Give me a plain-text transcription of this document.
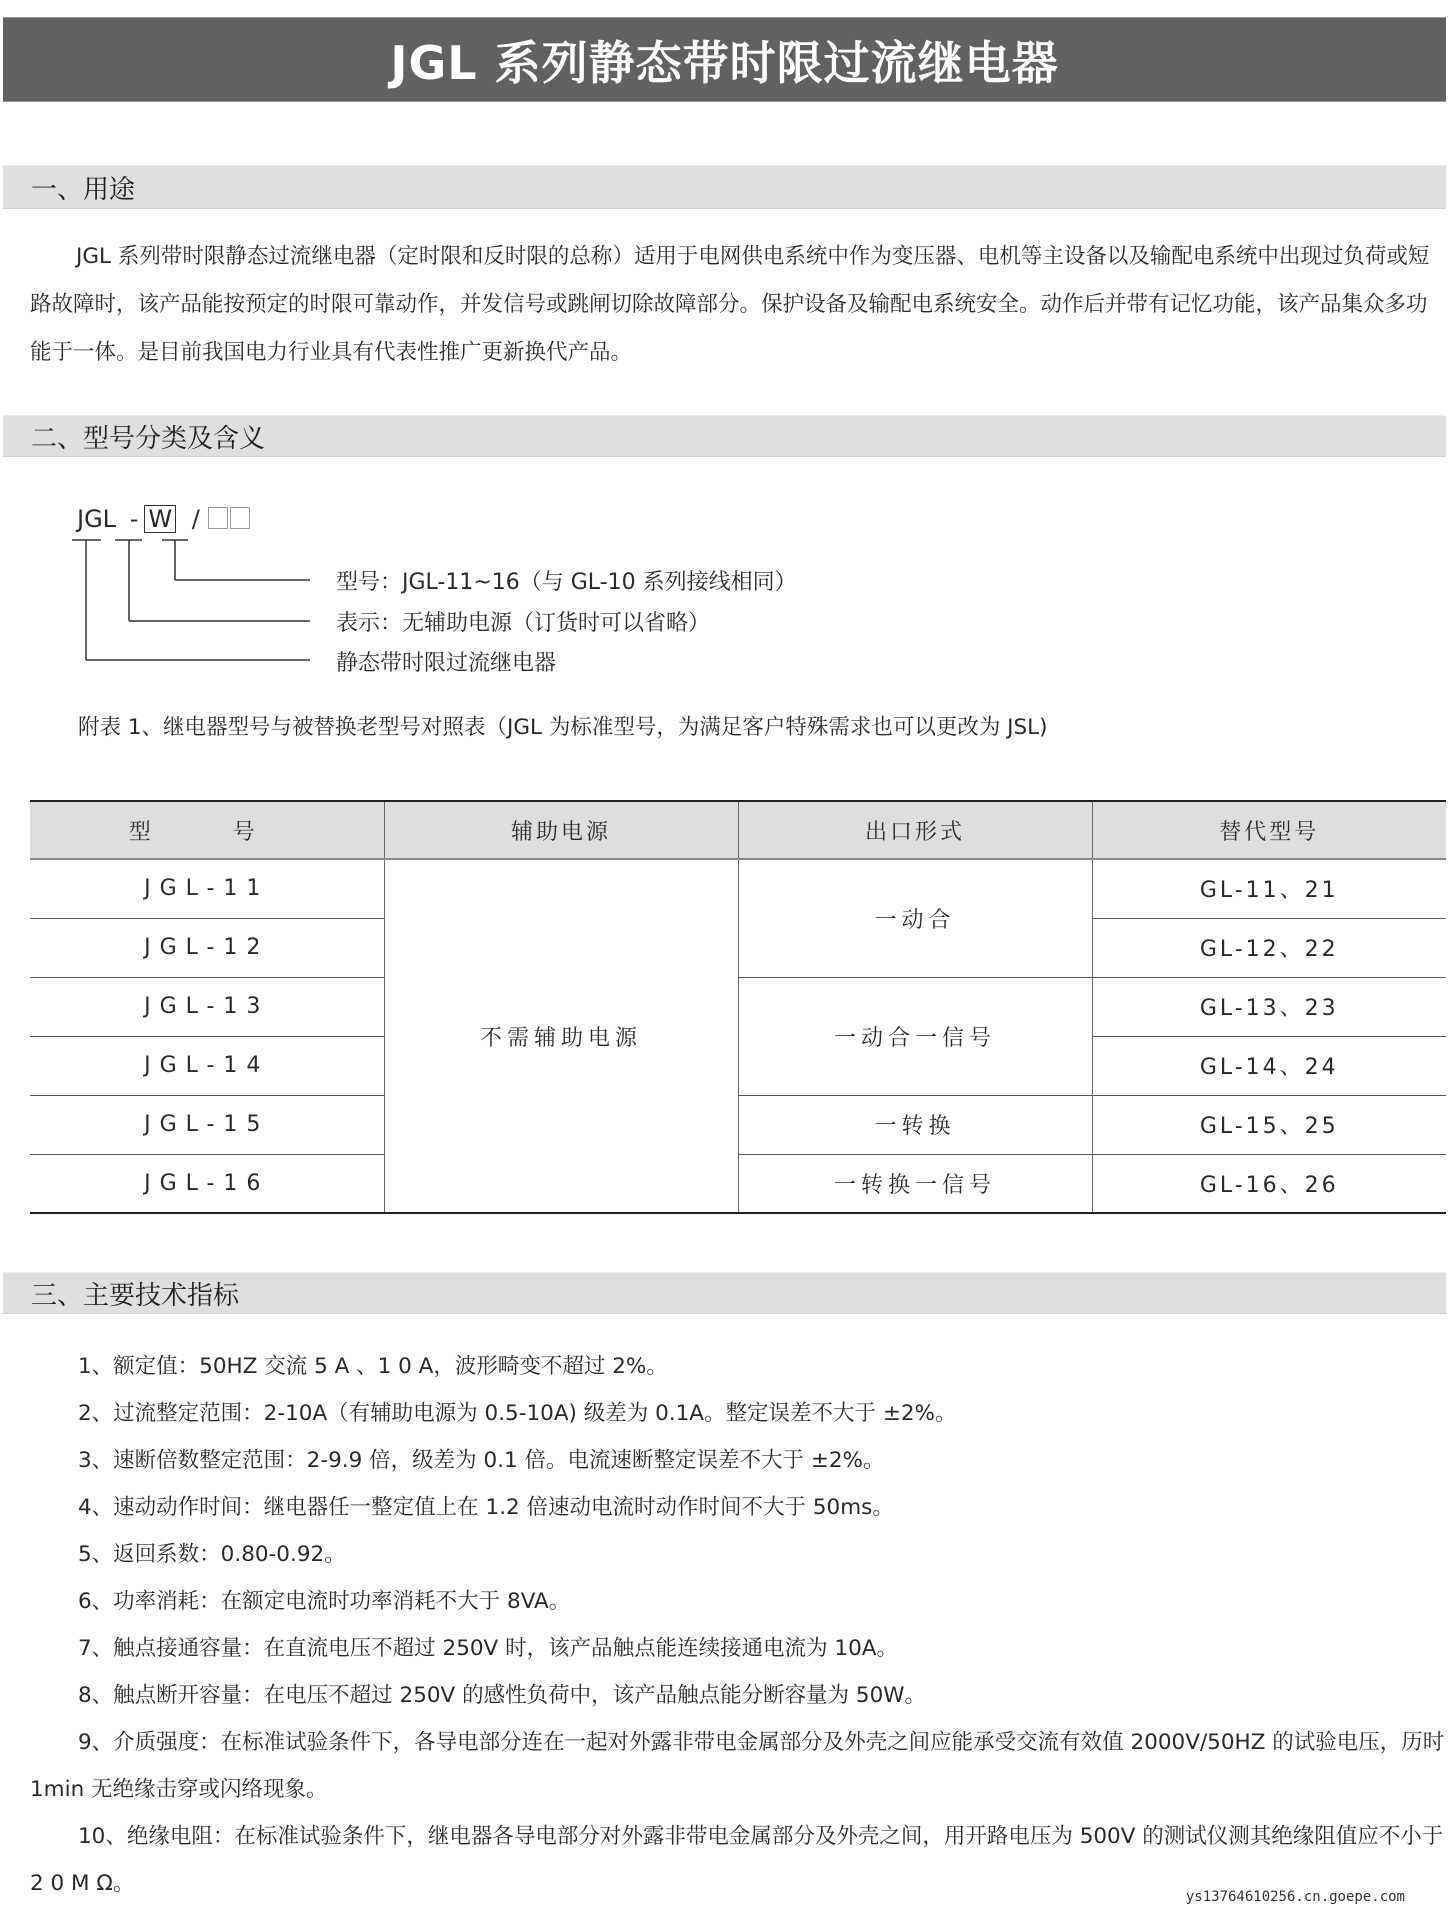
JGL 系列静态带时限过流继电器
一、用途
JGL 系列带时限静态过流继电器（定时限和反时限的总称）适用于电网供电系统中作为变压器、电机等主设备以及输配电系统中出现过负荷或短路故障时，该产品能按预定的时限可靠动作，并发信号或跳闸切除故障部分。保护设备及输配电系统安全。动作后并带有记忆功能，该产品集众多功能于一体。是目前我国电力行业具有代表性推广更新换代产品。
二、型号分类及含义
JGL - W /
型号：JGL-11~16（与 GL-10 系列接线相同）
表示：无辅助电源（订货时可以省略）
静态带时限过流继电器
附表 1、继电器型号与被替换老型号对照表（JGL 为标准型号，为满足客户特殊需求也可以更改为 JSL)
型　号	辅助电源	出口形式	替代型号
JGL-11	不需辅助电源	一动合	GL-11、21
JGL-12			GL-12、22
JGL-13		一动合一信号	GL-13、23
JGL-14			GL-14、24
JGL-15		一转换	GL-15、25
JGL-16		一转换一信号	GL-16、26
三、主要技术指标
1、额定值：50HZ 交流 5 A 、1 0 A，波形畸变不超过 2%。
2、过流整定范围：2-10A（有辅助电源为 0.5-10A) 级差为 0.1A。整定误差不大于 ±2%。
3、速断倍数整定范围：2-9.9 倍，级差为 0.1 倍。电流速断整定误差不大于 ±2%。
4、速动动作时间：继电器任一整定值上在 1.2 倍速动电流时动作时间不大于 50ms。
5、返回系数：0.80-0.92。
6、功率消耗：在额定电流时功率消耗不大于 8VA。
7、触点接通容量：在直流电压不超过 250V 时，该产品触点能连续接通电流为 10A。
8、触点断开容量：在电压不超过 250V 的感性负荷中，该产品触点能分断容量为 50W。
9、介质强度：在标准试验条件下，各导电部分连在一起对外露非带电金属部分及外壳之间应能承受交流有效值 2000V/50HZ 的试验电压，历时 1min 无绝缘击穿或闪络现象。
10、绝缘电阻：在标准试验条件下，继电器各导电部分对外露非带电金属部分及外壳之间，用开路电压为 500V 的测试仪测其绝缘阻值应不小于 2 0 M Ω。
ys13764610256.cn.goepe.com
